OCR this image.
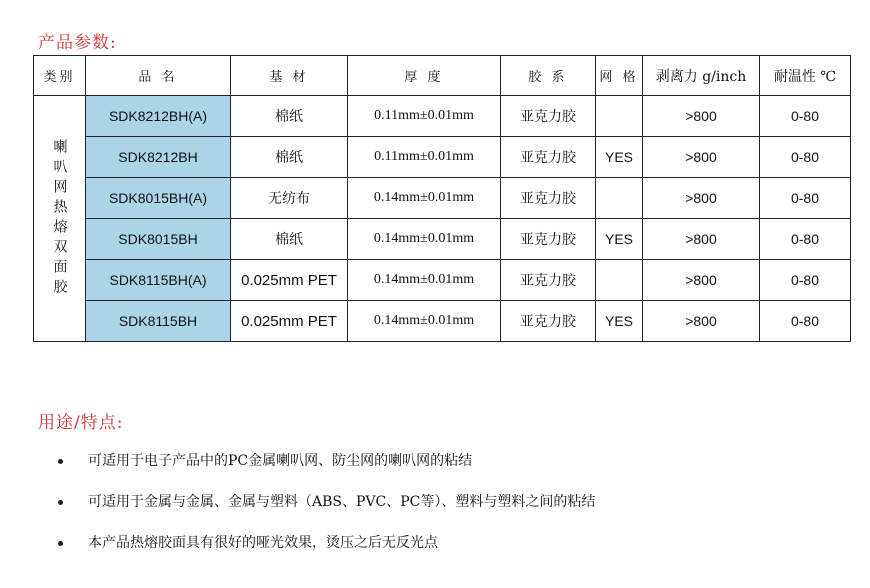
产品参数:
类别	品 名	基 材	厚 度	胶 系	网 格	剥离力 g/inch	耐温性 ℃
喇叭网热熔双面胶	SDK8212BH(A)	棉纸	0.11mm±0.01mm	亚克力胶		>800	0-80
	SDK8212BH	棉纸	0.11mm±0.01mm	亚克力胶	YES	>800	0-80
	SDK8015BH(A)	无纺布	0.14mm±0.01mm	亚克力胶		>800	0-80
	SDK8015BH	棉纸	0.14mm±0.01mm	亚克力胶	YES	>800	0-80
	SDK8115BH(A)	0.025mm PET	0.14mm±0.01mm	亚克力胶		>800	0-80
	SDK8115BH	0.025mm PET	0.14mm±0.01mm	亚克力胶	YES	>800	0-80
用途/特点:
可适用于电子产品中的PC金属喇叭网、防尘网的喇叭网的粘结
可适用于金属与金属、金属与塑料（ABS、PVC、PC等）、塑料与塑料之间的粘结
本产品热熔胶面具有很好的哑光效果，烫压之后无反光点
